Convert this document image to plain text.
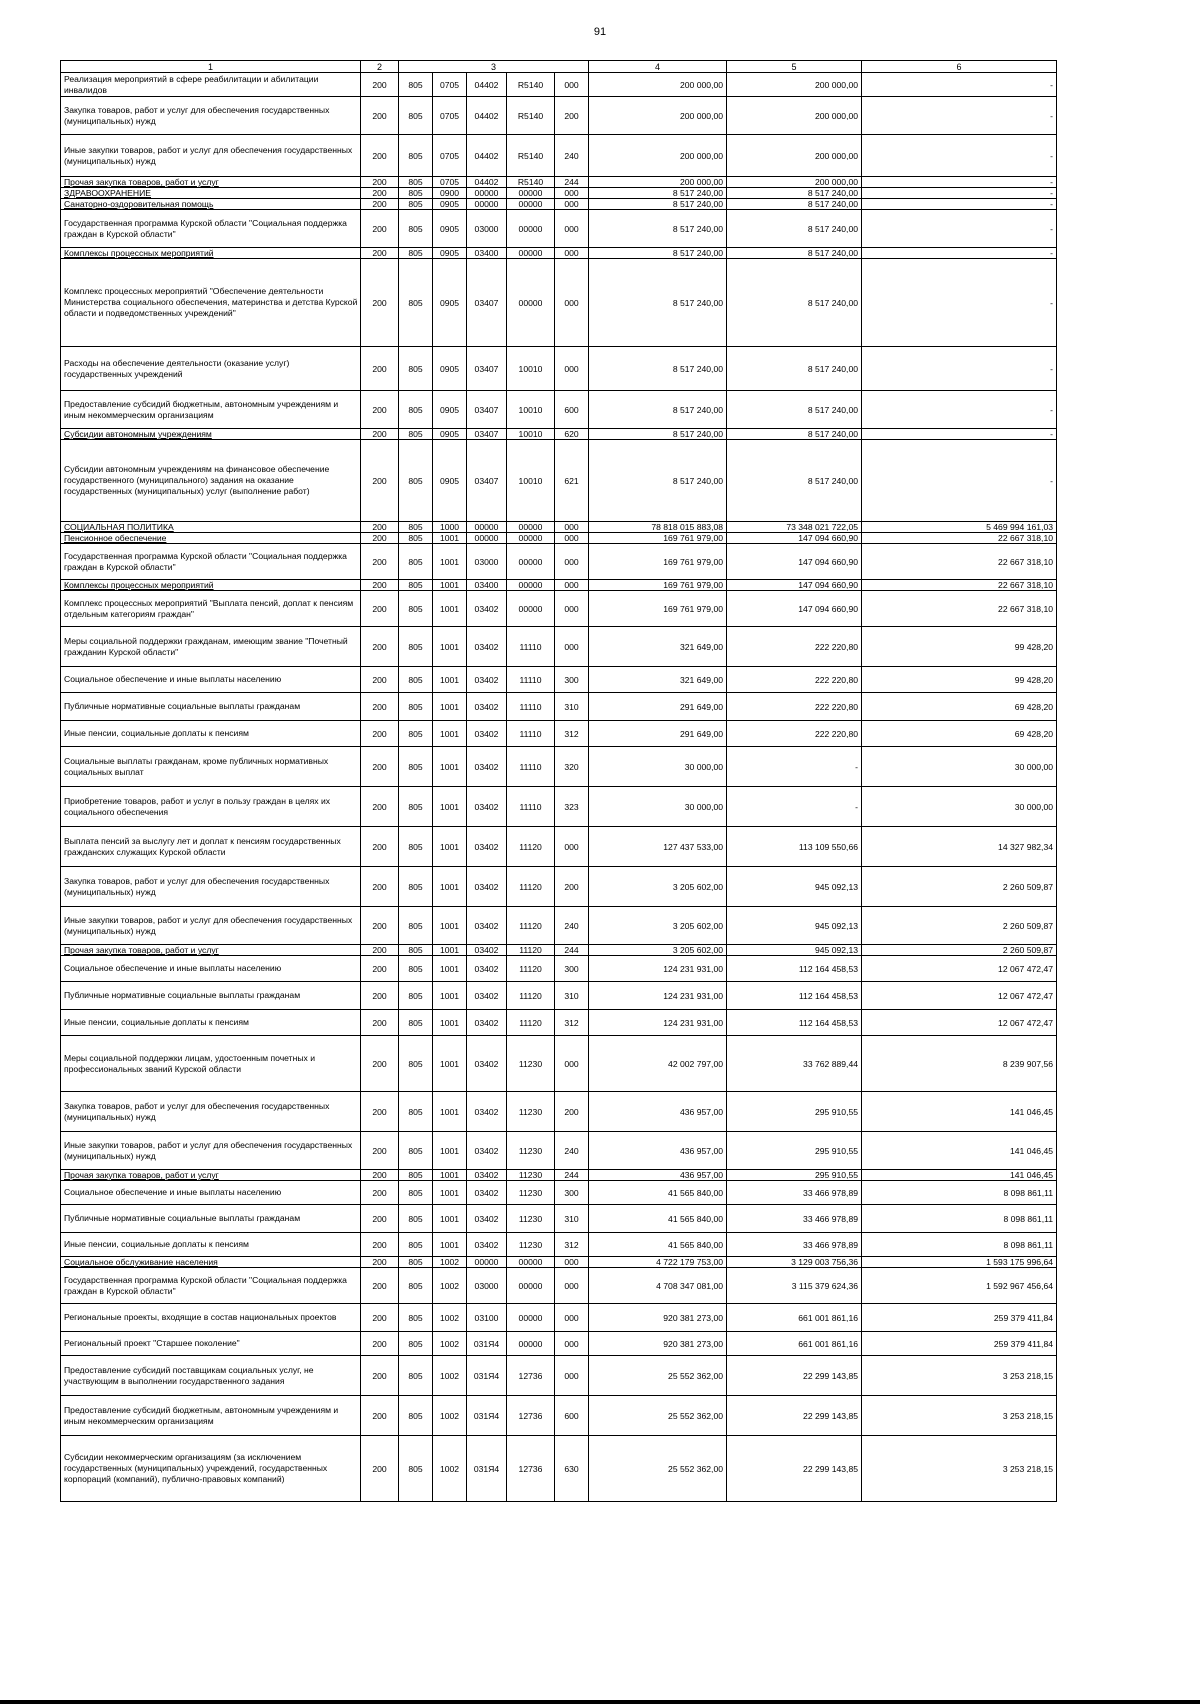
91
1	2	3					4	5	6
Реализация мероприятий в сфере реабилитации и абилитации инвалидов	200	805	0705	04402	R5140	000	200 000,00	200 000,00	-
Закупка товаров, работ и услуг для обеспечения государственных (муниципальных) нужд	200	805	0705	04402	R5140	200	200 000,00	200 000,00	-
Иные закупки товаров, работ и услуг для обеспечения государственных (муниципальных) нужд	200	805	0705	04402	R5140	240	200 000,00	200 000,00	-
Прочая закупка товаров, работ и услуг	200	805	0705	04402	R5140	244	200 000,00	200 000,00	-
ЗДРАВООХРАНЕНИЕ	200	805	0900	00000	00000	000	8 517 240,00	8 517 240,00	-
Санаторно-оздоровительная помощь	200	805	0905	00000	00000	000	8 517 240,00	8 517 240,00	-
Государственная программа Курской области "Социальная поддержка граждан в Курской области"	200	805	0905	03000	00000	000	8 517 240,00	8 517 240,00	-
Комплексы процессных мероприятий	200	805	0905	03400	00000	000	8 517 240,00	8 517 240,00	-
Комплекс процессных мероприятий "Обеспечение деятельности Министерства социального обеспечения, материнства и детства Курской области и подведомственных учреждений"	200	805	0905	03407	00000	000	8 517 240,00	8 517 240,00	-
Расходы на обеспечение деятельности (оказание услуг) государственных учреждений	200	805	0905	03407	10010	000	8 517 240,00	8 517 240,00	-
Предоставление субсидий бюджетным, автономным учреждениям и иным некоммерческим организациям	200	805	0905	03407	10010	600	8 517 240,00	8 517 240,00	-
Субсидии автономным учреждениям	200	805	0905	03407	10010	620	8 517 240,00	8 517 240,00	-
Субсидии автономным учреждениям на финансовое обеспечение государственного (муниципального) задания на оказание государственных (муниципальных) услуг (выполнение работ)	200	805	0905	03407	10010	621	8 517 240,00	8 517 240,00	-
СОЦИАЛЬНАЯ ПОЛИТИКА	200	805	1000	00000	00000	000	78 818 015 883,08	73 348 021 722,05	5 469 994 161,03
Пенсионное обеспечение	200	805	1001	00000	00000	000	169 761 979,00	147 094 660,90	22 667 318,10
Государственная программа Курской области "Социальная поддержка граждан в Курской области"	200	805	1001	03000	00000	000	169 761 979,00	147 094 660,90	22 667 318,10
Комплексы процессных мероприятий	200	805	1001	03400	00000	000	169 761 979,00	147 094 660,90	22 667 318,10
Комплекс процессных мероприятий "Выплата пенсий, доплат к пенсиям отдельным категориям граждан"	200	805	1001	03402	00000	000	169 761 979,00	147 094 660,90	22 667 318,10
Меры социальной поддержки гражданам, имеющим звание "Почетный гражданин Курской области"	200	805	1001	03402	11110	000	321 649,00	222 220,80	99 428,20
Социальное обеспечение и иные выплаты населению	200	805	1001	03402	11110	300	321 649,00	222 220,80	99 428,20
Публичные нормативные социальные выплаты гражданам	200	805	1001	03402	11110	310	291 649,00	222 220,80	69 428,20
Иные пенсии, социальные доплаты к пенсиям	200	805	1001	03402	11110	312	291 649,00	222 220,80	69 428,20
Социальные выплаты гражданам, кроме публичных нормативных социальных выплат	200	805	1001	03402	11110	320	30 000,00	-	30 000,00
Приобретение товаров, работ и услуг в пользу граждан в целях их социального обеспечения	200	805	1001	03402	11110	323	30 000,00	-	30 000,00
Выплата пенсий за выслугу лет и доплат к пенсиям государственных гражданских служащих Курской области	200	805	1001	03402	11120	000	127 437 533,00	113 109 550,66	14 327 982,34
Закупка товаров, работ и услуг для обеспечения государственных (муниципальных) нужд	200	805	1001	03402	11120	200	3 205 602,00	945 092,13	2 260 509,87
Иные закупки товаров, работ и услуг для обеспечения государственных (муниципальных) нужд	200	805	1001	03402	11120	240	3 205 602,00	945 092,13	2 260 509,87
Прочая закупка товаров, работ и услуг	200	805	1001	03402	11120	244	3 205 602,00	945 092,13	2 260 509,87
Социальное обеспечение и иные выплаты населению	200	805	1001	03402	11120	300	124 231 931,00	112 164 458,53	12 067 472,47
Публичные нормативные социальные выплаты гражданам	200	805	1001	03402	11120	310	124 231 931,00	112 164 458,53	12 067 472,47
Иные пенсии, социальные доплаты к пенсиям	200	805	1001	03402	11120	312	124 231 931,00	112 164 458,53	12 067 472,47
Меры социальной поддержки лицам, удостоенным почетных и профессиональных званий Курской области	200	805	1001	03402	11230	000	42 002 797,00	33 762 889,44	8 239 907,56
Закупка товаров, работ и услуг для обеспечения государственных (муниципальных) нужд	200	805	1001	03402	11230	200	436 957,00	295 910,55	141 046,45
Иные закупки товаров, работ и услуг для обеспечения государственных (муниципальных) нужд	200	805	1001	03402	11230	240	436 957,00	295 910,55	141 046,45
Прочая закупка товаров, работ и услуг	200	805	1001	03402	11230	244	436 957,00	295 910,55	141 046,45
Социальное обеспечение и иные выплаты населению	200	805	1001	03402	11230	300	41 565 840,00	33 466 978,89	8 098 861,11
Публичные нормативные социальные выплаты гражданам	200	805	1001	03402	11230	310	41 565 840,00	33 466 978,89	8 098 861,11
Иные пенсии, социальные доплаты к пенсиям	200	805	1001	03402	11230	312	41 565 840,00	33 466 978,89	8 098 861,11
Социальное обслуживание населения	200	805	1002	00000	00000	000	4 722 179 753,00	3 129 003 756,36	1 593 175 996,64
Государственная программа Курской области "Социальная поддержка граждан в Курской области"	200	805	1002	03000	00000	000	4 708 347 081,00	3 115 379 624,36	1 592 967 456,64
Региональные проекты, входящие в состав национальных проектов	200	805	1002	03100	00000	000	920 381 273,00	661 001 861,16	259 379 411,84
Региональный проект "Старшее поколение"	200	805	1002	031Я4	00000	000	920 381 273,00	661 001 861,16	259 379 411,84
Предоставление субсидий поставщикам социальных услуг, не участвующим в выполнении государственного задания	200	805	1002	031Я4	12736	000	25 552 362,00	22 299 143,85	3 253 218,15
Предоставление субсидий бюджетным, автономным учреждениям и иным некоммерческим организациям	200	805	1002	031Я4	12736	600	25 552 362,00	22 299 143,85	3 253 218,15
Субсидии некоммерческим организациям (за исключением государственных (муниципальных) учреждений, государственных корпораций (компаний), публично-правовых компаний)	200	805	1002	031Я4	12736	630	25 552 362,00	22 299 143,85	3 253 218,15
